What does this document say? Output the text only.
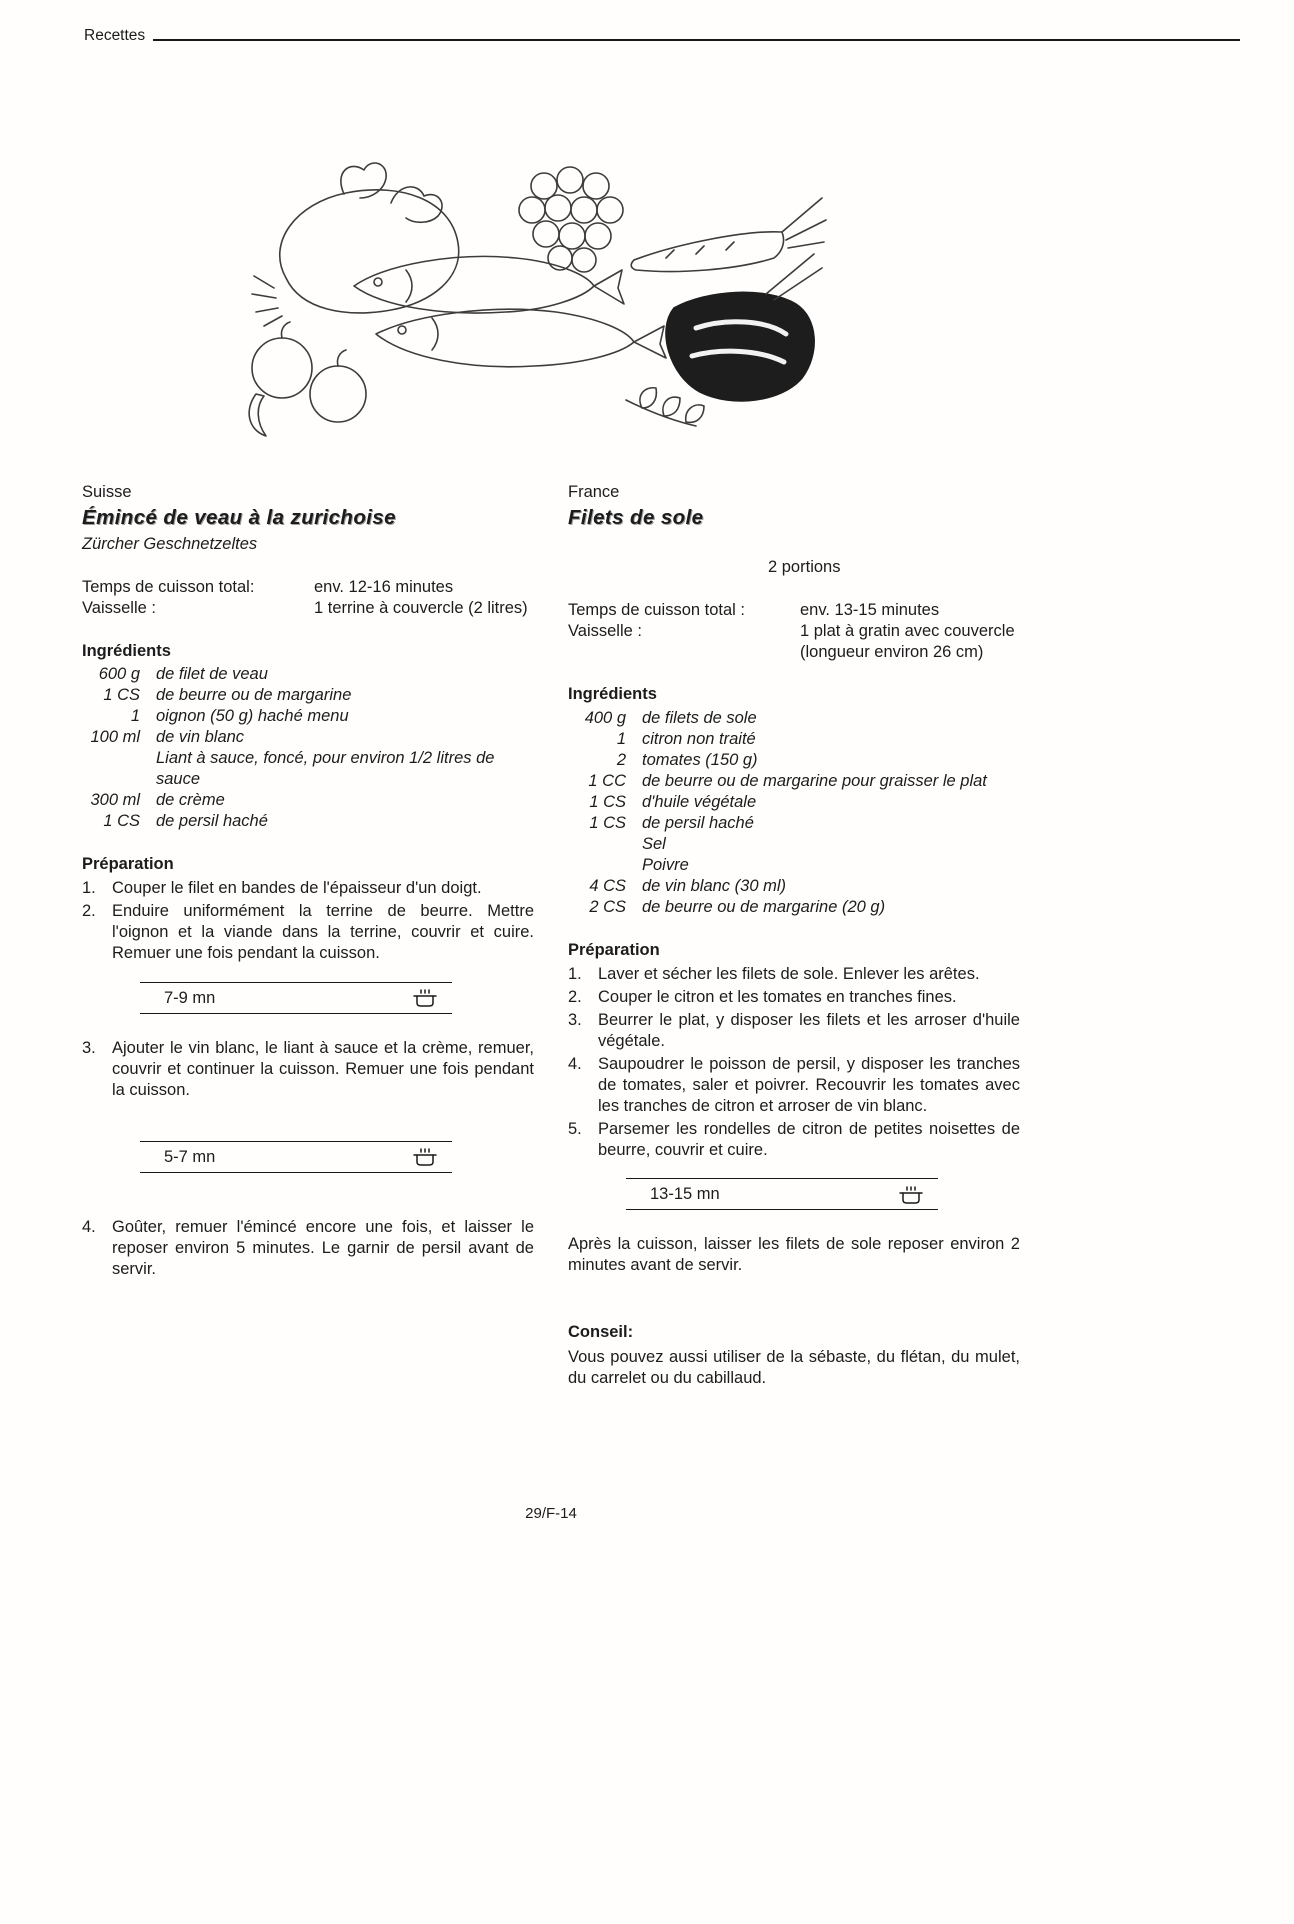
Recettes
Suisse
Émincé de veau à la zurichoise
Zürcher Geschnetzeltes
Temps de cuisson total:	env. 12-16 minutes
Vaisselle :	1 terrine à couvercle (2 litres)
Ingrédients
600 g de filet de veau
1 CS de beurre ou de margarine
1 oignon (50 g) haché menu
100 ml de vin blanc
Liant à sauce, foncé, pour environ 1/2 litres de sauce
300 ml de crème
1 CS de persil haché
Préparation
1. Couper le filet en bandes de l'épaisseur d'un doigt.
2. Enduire uniformément la terrine de beurre. Mettre l'oignon et la viande dans la terrine, couvrir et cuire. Remuer une fois pendant la cuisson.
7-9 mn
3. Ajouter le vin blanc, le liant à sauce et la crème, remuer, couvrir et continuer la cuisson. Remuer une fois pendant la cuisson.
5-7 mn
4. Goûter, remuer l'émincé encore une fois, et laisser le reposer environ 5 minutes. Le garnir de persil avant de servir.
France
Filets de sole
2 portions
Temps de cuisson total :	env. 13-15 minutes
Vaisselle :	1 plat à gratin avec couvercle (longueur environ 26 cm)
Ingrédients
400 g de filets de sole
1 citron non traité
2 tomates (150 g)
1 CC de beurre ou de margarine pour graisser le plat
1 CS d'huile végétale
1 CS de persil haché
Sel
Poivre
4 CS de vin blanc (30 ml)
2 CS de beurre ou de margarine (20 g)
Préparation
1. Laver et sécher les filets de sole. Enlever les arêtes.
2. Couper le citron et les tomates en tranches fines.
3. Beurrer le plat, y disposer les filets et les arroser d'huile végétale.
4. Saupoudrer le poisson de persil, y disposer les tranches de tomates, saler et poivrer. Recouvrir les tomates avec les tranches de citron et arroser de vin blanc.
5. Parsemer les rondelles de citron de petites noisettes de beurre, couvrir et cuire.
13-15 mn
Après la cuisson, laisser les filets de sole reposer environ 2 minutes avant de servir.
Conseil:
Vous pouvez aussi utiliser de la sébaste, du flétan, du mulet, du carrelet ou du cabillaud.
29/F-14
